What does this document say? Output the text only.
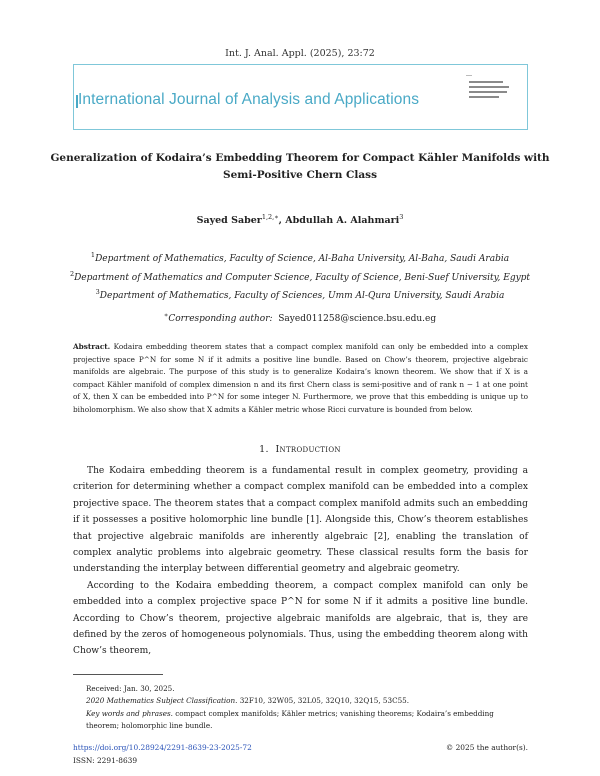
Int. J. Anal. Appl. (2025), 23:72
International Journal of Analysis and Applications
Generalization of Kodaira’s Embedding Theorem for Compact Kähler Manifolds with
Semi-Positive Chern Class
Sayed Saber$^{1,2,∗}$, Abdullah A. Alahmari$^3$
$^1$Department of Mathematics, Faculty of Science, Al-Baha University, Al-Baha, Saudi Arabia
$^2$Department of Mathematics and Computer Science, Faculty of Science, Beni-Suef University, Egypt
$^3$Department of Mathematics, Faculty of Sciences, Umm Al-Qura University, Saudi Arabia
∗Corresponding author: Sayed011258@science.bsu.edu.eg
Abstract. Kodaira embedding theorem states that a compact complex manifold can only be embedded into a complex projective space P^N for some N if it admits a positive line bundle. Based on Chow’s theorem, projective algebraic manifolds are algebraic. The purpose of this study is to generalize Kodaira’s known theorem. We show that if X is a compact Kähler manifold of complex dimension n and its first Chern class is semi-positive and of rank n − 1 at one point of X, then X can be embedded into P^N for some integer N. Furthermore, we prove that this embedding is unique up to biholomorphism. We also show that X admits a Kähler metric whose Ricci curvature is bounded from below.
1. Introduction

The Kodaira embedding theorem is a fundamental result in complex geometry, providing a criterion for determining whether a compact complex manifold can be embedded into a complex projective space. The theorem states that a compact complex manifold admits such an embedding if it possesses a positive holomorphic line bundle [1]. Alongside this, Chow’s theorem establishes that projective algebraic manifolds are inherently algebraic [2], enabling the translation of complex analytic problems into algebraic geometry. These classical results form the basis for understanding the interplay between differential geometry and algebraic geometry.

According to the Kodaira embedding theorem, a compact complex manifold can only be embedded into a complex projective space P^N for some N if it admits a positive line bundle. According to Chow’s theorem, projective algebraic manifolds are algebraic, that is, they are defined by the zeros of homogeneous polynomials. Thus, using the embedding theorem along with Chow’s theorem,

Received: Jan. 30, 2025.

2020 Mathematics Subject Classification. 32F10, 32W05, 32L05, 32Q10, 32Q15, 53C55.

Key words and phrases. compact complex manifolds; Kähler metrics; vanishing theorems; Kodaira’s embedding theorem; holomorphic line bundle.

https://doi.org/10.28924/2291-8639-23-2025-72	© 2025 the author(s).
ISSN: 2291-8639
